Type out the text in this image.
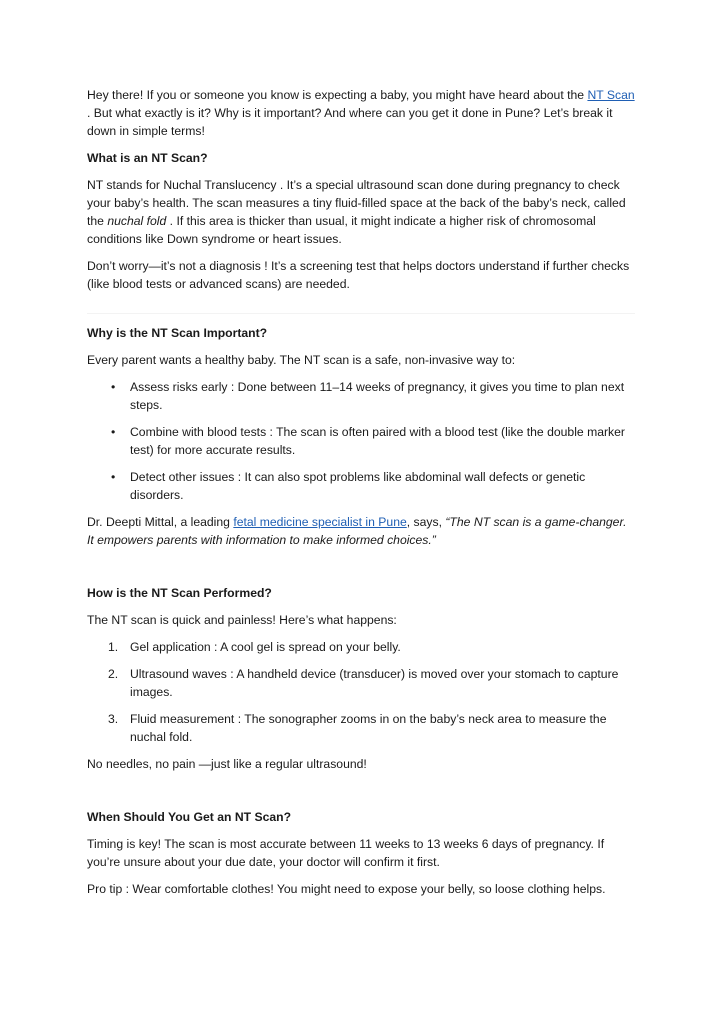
Hey there! If you or someone you know is expecting a baby, you might have heard about the NT Scan . But what exactly is it? Why is it important? And where can you get it done in Pune? Let’s break it down in simple terms!

What is an NT Scan?

NT stands for Nuchal Translucency . It’s a special ultrasound scan done during pregnancy to check your baby’s health. The scan measures a tiny fluid-filled space at the back of the baby’s neck, called the nuchal fold . If this area is thicker than usual, it might indicate a higher risk of chromosomal conditions like Down syndrome or heart issues.

Don’t worry—it’s not a diagnosis ! It’s a screening test that helps doctors understand if further checks (like blood tests or advanced scans) are needed.

Why is the NT Scan Important?

Every parent wants a healthy baby. The NT scan is a safe, non-invasive way to:

•	Assess risks early : Done between 11–14 weeks of pregnancy, it gives you time to plan next steps.
•	Combine with blood tests : The scan is often paired with a blood test (like the double marker test) for more accurate results.
•	Detect other issues : It can also spot problems like abdominal wall defects or genetic disorders.

Dr. Deepti Mittal, a leading fetal medicine specialist in Pune, says, “The NT scan is a game-changer. It empowers parents with information to make informed choices.”

How is the NT Scan Performed?

The NT scan is quick and painless! Here’s what happens:

1. Gel application : A cool gel is spread on your belly.
2. Ultrasound waves : A handheld device (transducer) is moved over your stomach to capture images.
3. Fluid measurement : The sonographer zooms in on the baby’s neck area to measure the nuchal fold.

No needles, no pain —just like a regular ultrasound!

When Should You Get an NT Scan?

Timing is key! The scan is most accurate between 11 weeks to 13 weeks 6 days of pregnancy. If you’re unsure about your due date, your doctor will confirm it first.

Pro tip : Wear comfortable clothes! You might need to expose your belly, so loose clothing helps.
